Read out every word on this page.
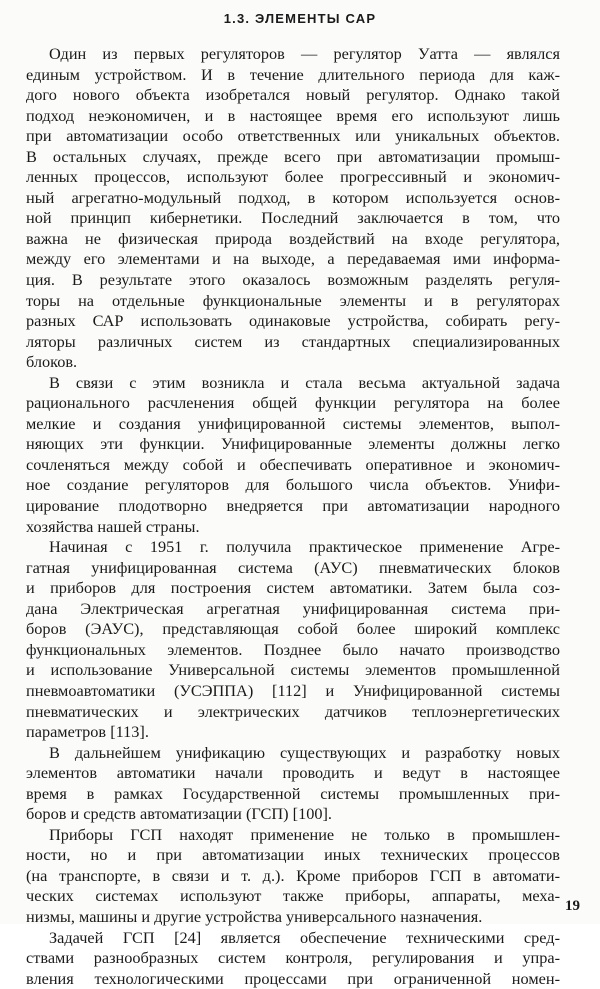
1.3. ЭЛЕМЕНТЫ САР
Один из первых регуляторов — регулятор Уатта — являлся
единым устройством. И в течение длительного периода для каж-
дого нового объекта изобретался новый регулятор. Однако такой
подход неэкономичен, и в настоящее время его используют лишь
при автоматизации особо ответственных или уникальных объектов.
В остальных случаях, прежде всего при автоматизации промыш-
ленных процессов, используют более прогрессивный и экономич-
ный агрегатно-модульный подход, в котором используется основ-
ной принцип кибернетики. Последний заключается в том, что
важна не физическая природа воздействий на входе регулятора,
между его элементами и на выходе, а передаваемая ими информа-
ция. В результате этого оказалось возможным разделять регуля-
торы на отдельные функциональные элементы и в регуляторах
разных САР использовать одинаковые устройства, собирать регу-
ляторы различных систем из стандартных специализированных
блоков.
В связи с этим возникла и стала весьма актуальной задача
рационального расчленения общей функции регулятора на более
мелкие и создания унифицированной системы элементов, выпол-
няющих эти функции. Унифицированные элементы должны легко
сочленяться между собой и обеспечивать оперативное и экономич-
ное создание регуляторов для большого числа объектов. Унифи-
цирование плодотворно внедряется при автоматизации народного
хозяйства нашей страны.
Начиная с 1951 г. получила практическое применение Агре-
гатная унифицированная система (АУС) пневматических блоков
и приборов для построения систем автоматики. Затем была соз-
дана Электрическая агрегатная унифицированная система при-
боров (ЭАУС), представляющая собой более широкий комплекс
функциональных элементов. Позднее было начато производство
и использование Универсальной системы элементов промышленной
пневмоавтоматики (УСЭППА) [112] и Унифицированной системы
пневматических и электрических датчиков теплоэнергетических
параметров [113].
В дальнейшем унификацию существующих и разработку новых
элементов автоматики начали проводить и ведут в настоящее
время в рамках Государственной системы промышленных при-
боров и средств автоматизации (ГСП) [100].
Приборы ГСП находят применение не только в промышлен-
ности, но и при автоматизации иных технических процессов
(на транспорте, в связи и т. д.). Кроме приборов ГСП в автомати-
ческих системах используют также приборы, аппараты, меха-
низмы, машины и другие устройства универсального назначения.
Задачей ГСП [24] является обеспечение техническими сред-
ствами разнообразных систем контроля, регулирования и упра-
вления технологическими процессами при ограниченной номен-
19
